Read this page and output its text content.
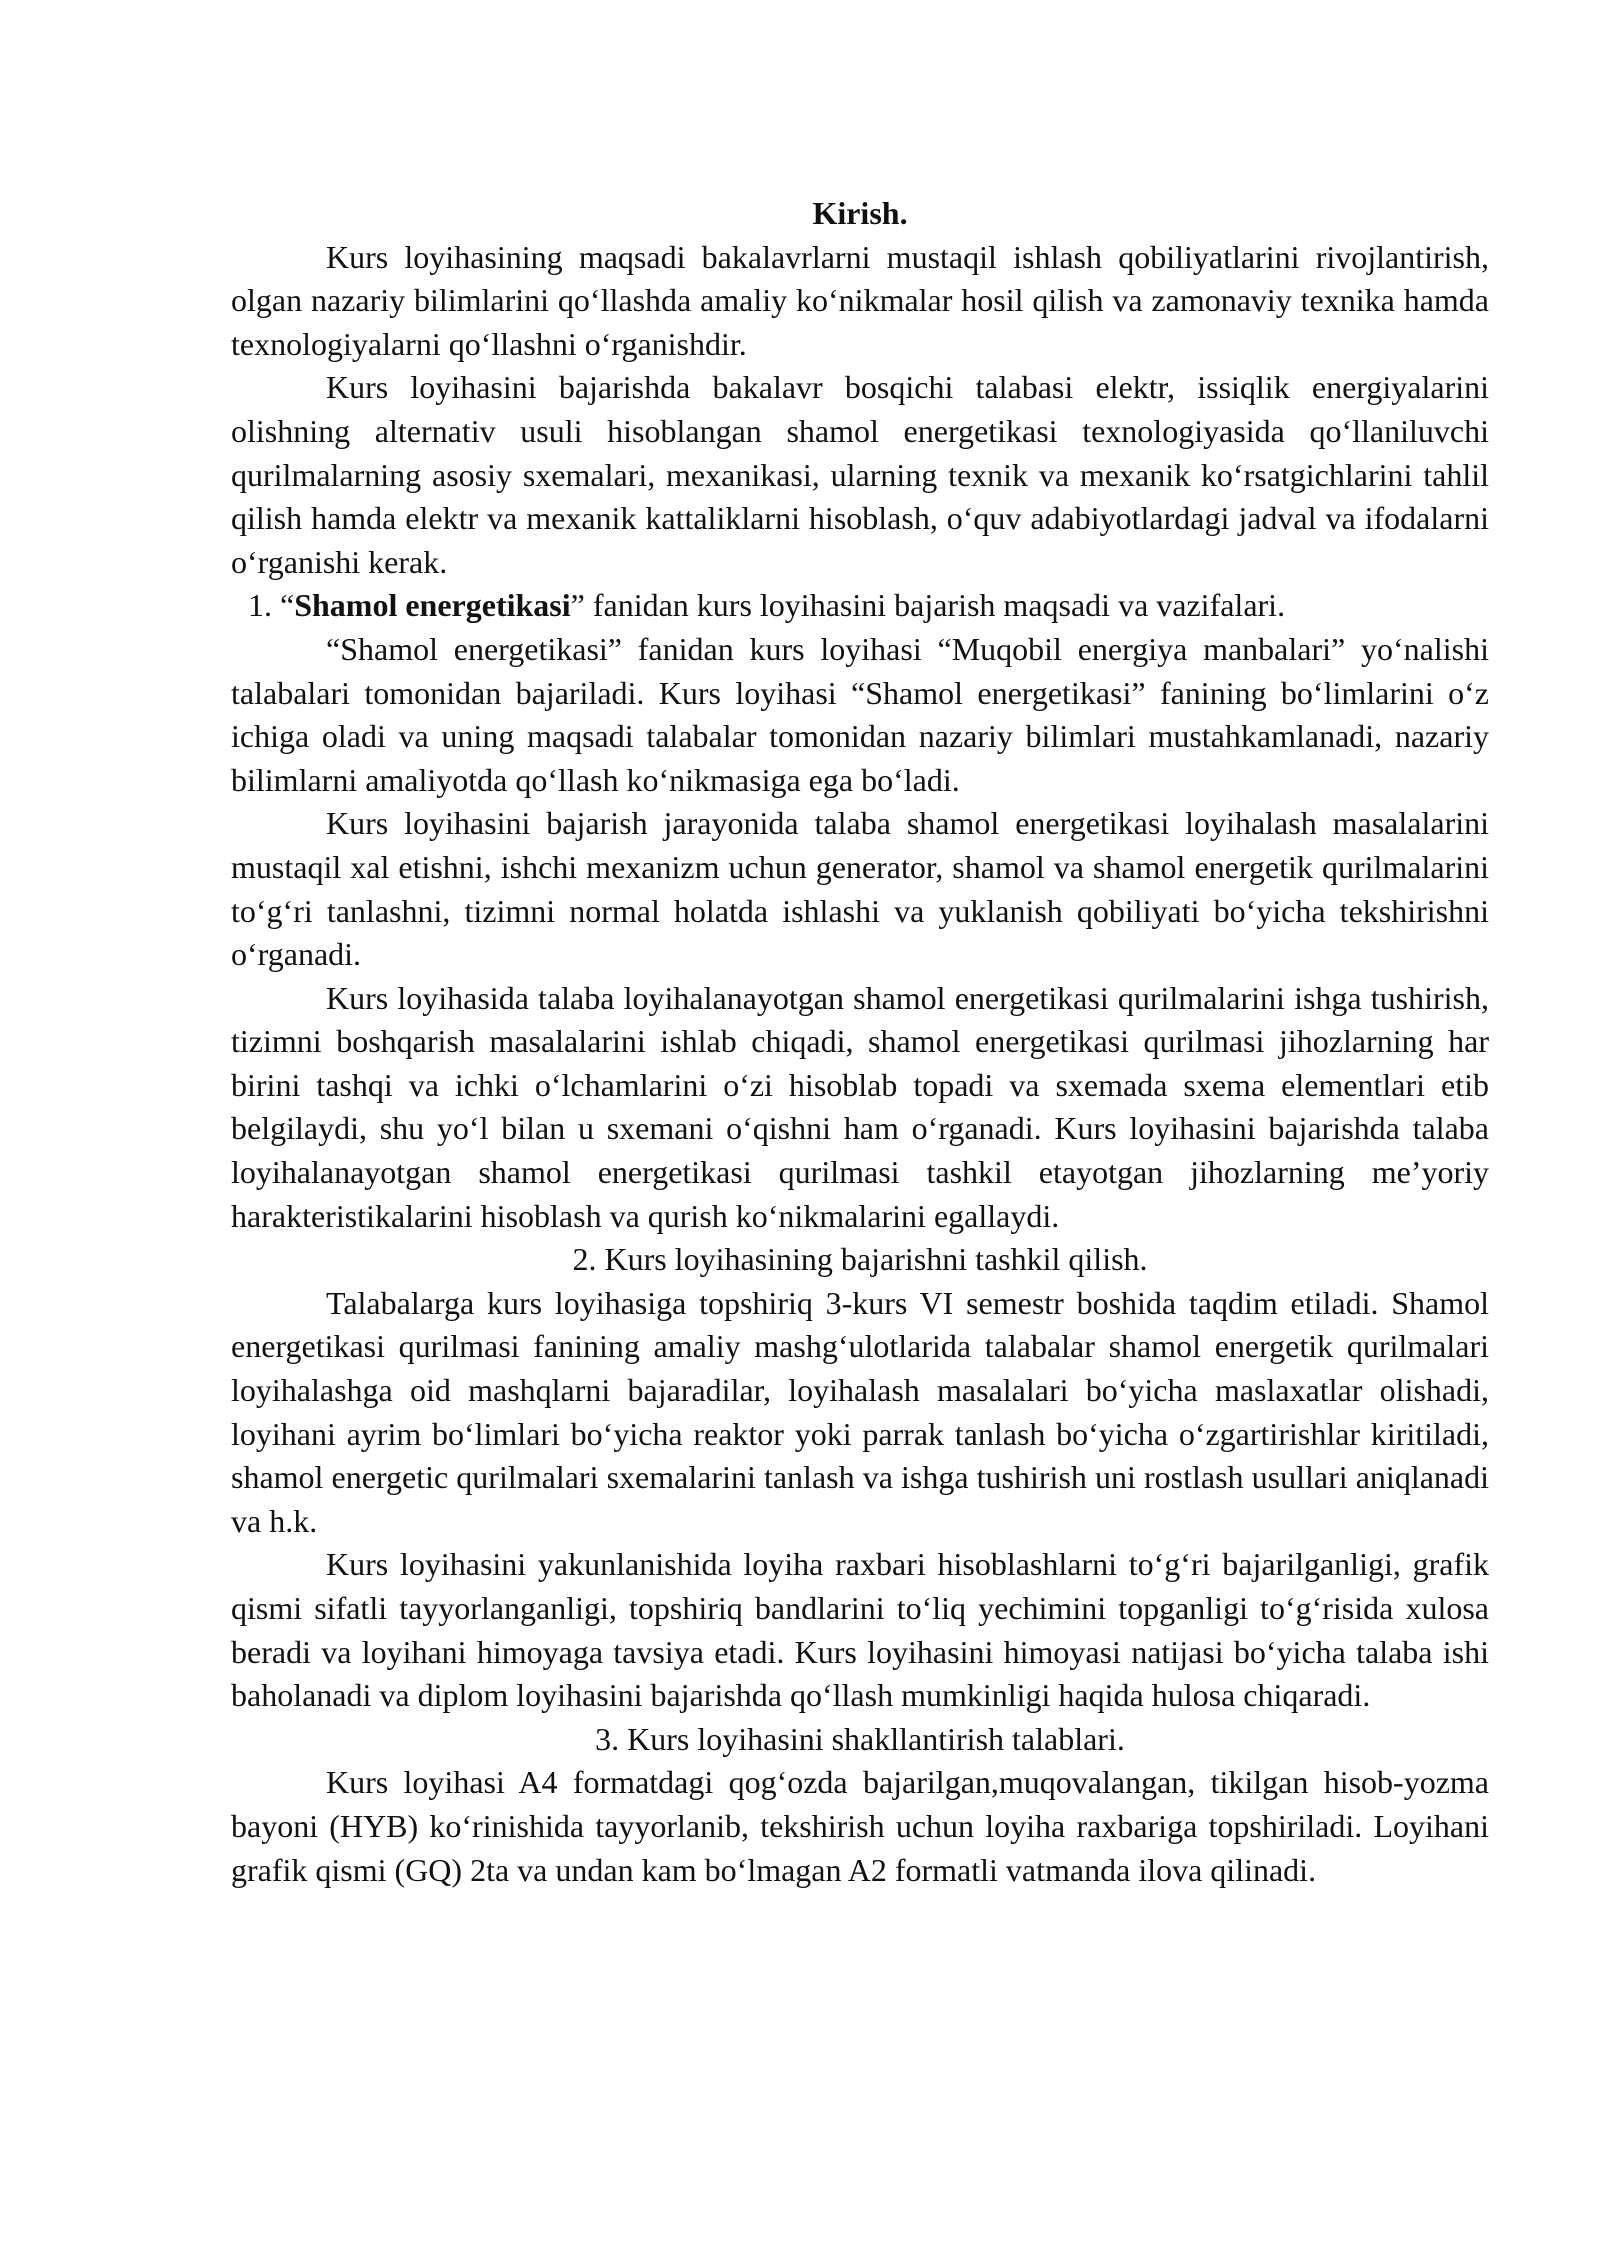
Kirish.

Kurs loyihasining maqsadi bakalavrlarni mustaqil ishlash qobiliyatlarini rivojlantirish, olgan nazariy bilimlarini qo‘llashda amaliy ko‘nikmalar hosil qilish va zamonaviy texnika hamda texnologiyalarni qo‘llashni o‘rganishdir.

Kurs loyihasini bajarishda bakalavr bosqichi talabasi elektr, issiqlik energiyalarini olishning alternativ usuli hisoblangan shamol energetikasi texnologiyasida qo‘llaniluvchi qurilmalarning asosiy sxemalari, mexanikasi, ularning texnik va mexanik ko‘rsatgichlarini tahlil qilish hamda elektr va mexanik kattaliklarni hisoblash, o‘quv adabiyotlardagi jadval va ifodalarni o‘rganishi kerak.

1. “Shamol energetikasi” fanidan kurs loyihasini bajarish maqsadi va vazifalari.

“Shamol energetikasi” fanidan kurs loyihasi “Muqobil energiya manbalari” yo‘nalishi talabalari tomonidan bajariladi. Kurs loyihasi “Shamol energetikasi” fanining bo‘limlarini o‘z ichiga oladi va uning maqsadi talabalar tomonidan nazariy bilimlari mustahkamlanadi, nazariy bilimlarni amaliyotda qo‘llash ko‘nikmasiga ega bo‘ladi.

Kurs loyihasini bajarish jarayonida talaba shamol energetikasi loyihalash masalalarini mustaqil xal etishni, ishchi mexanizm uchun generator, shamol va shamol energetik qurilmalarini to‘g‘ri tanlashni, tizimni normal holatda ishlashi va yuklanish qobiliyati bo‘yicha tekshirishni o‘rganadi.

Kurs loyihasida talaba loyihalanayotgan shamol energetikasi qurilmalarini ishga tushirish, tizimni boshqarish masalalarini ishlab chiqadi, shamol energetikasi qurilmasi jihozlarning har birini tashqi va ichki o‘lchamlarini o‘zi hisoblab topadi va sxemada sxema elementlari etib belgilaydi, shu yo‘l bilan u sxemani o‘qishni ham o‘rganadi. Kurs loyihasini bajarishda talaba loyihalanayotgan shamol energetikasi qurilmasi tashkil etayotgan jihozlarning me’yoriy harakteristikalarini hisoblash va qurish ko‘nikmalarini egallaydi.

2. Kurs loyihasining bajarishni tashkil qilish.

Talabalarga kurs loyihasiga topshiriq 3-kurs VI semestr boshida taqdim etiladi. Shamol energetikasi qurilmasi fanining amaliy mashg‘ulotlarida talabalar shamol energetik qurilmalari loyihalashga oid mashqlarni bajaradilar, loyihalash masalalari bo‘yicha maslaxatlar olishadi, loyihani ayrim bo‘limlari bo‘yicha reaktor yoki parrak tanlash bo‘yicha o‘zgartirishlar kiritiladi, shamol energetic qurilmalari sxemalarini tanlash va ishga tushirish uni rostlash usullari aniqlanadi va h.k.

Kurs loyihasini yakunlanishida loyiha raxbari hisoblashlarni to‘g‘ri bajarilganligi, grafik qismi sifatli tayyorlanganligi, topshiriq bandlarini to‘liq yechimini topganligi to‘g‘risida xulosa beradi va loyihani himoyaga tavsiya etadi. Kurs loyihasini himoyasi natijasi bo‘yicha talaba ishi baholanadi va diplom loyihasini bajarishda qo‘llash mumkinligi haqida hulosa chiqaradi.

3. Kurs loyihasini shakllantirish talablari.

Kurs loyihasi A4 formatdagi qog‘ozda bajarilgan,muqovalangan, tikilgan hisob-yozma bayoni (HYB) ko‘rinishida tayyorlanib, tekshirish uchun loyiha raxbariga topshiriladi. Loyihani grafik qismi (GQ) 2ta va undan kam bo‘lmagan A2 formatli vatmanda ilova qilinadi.
